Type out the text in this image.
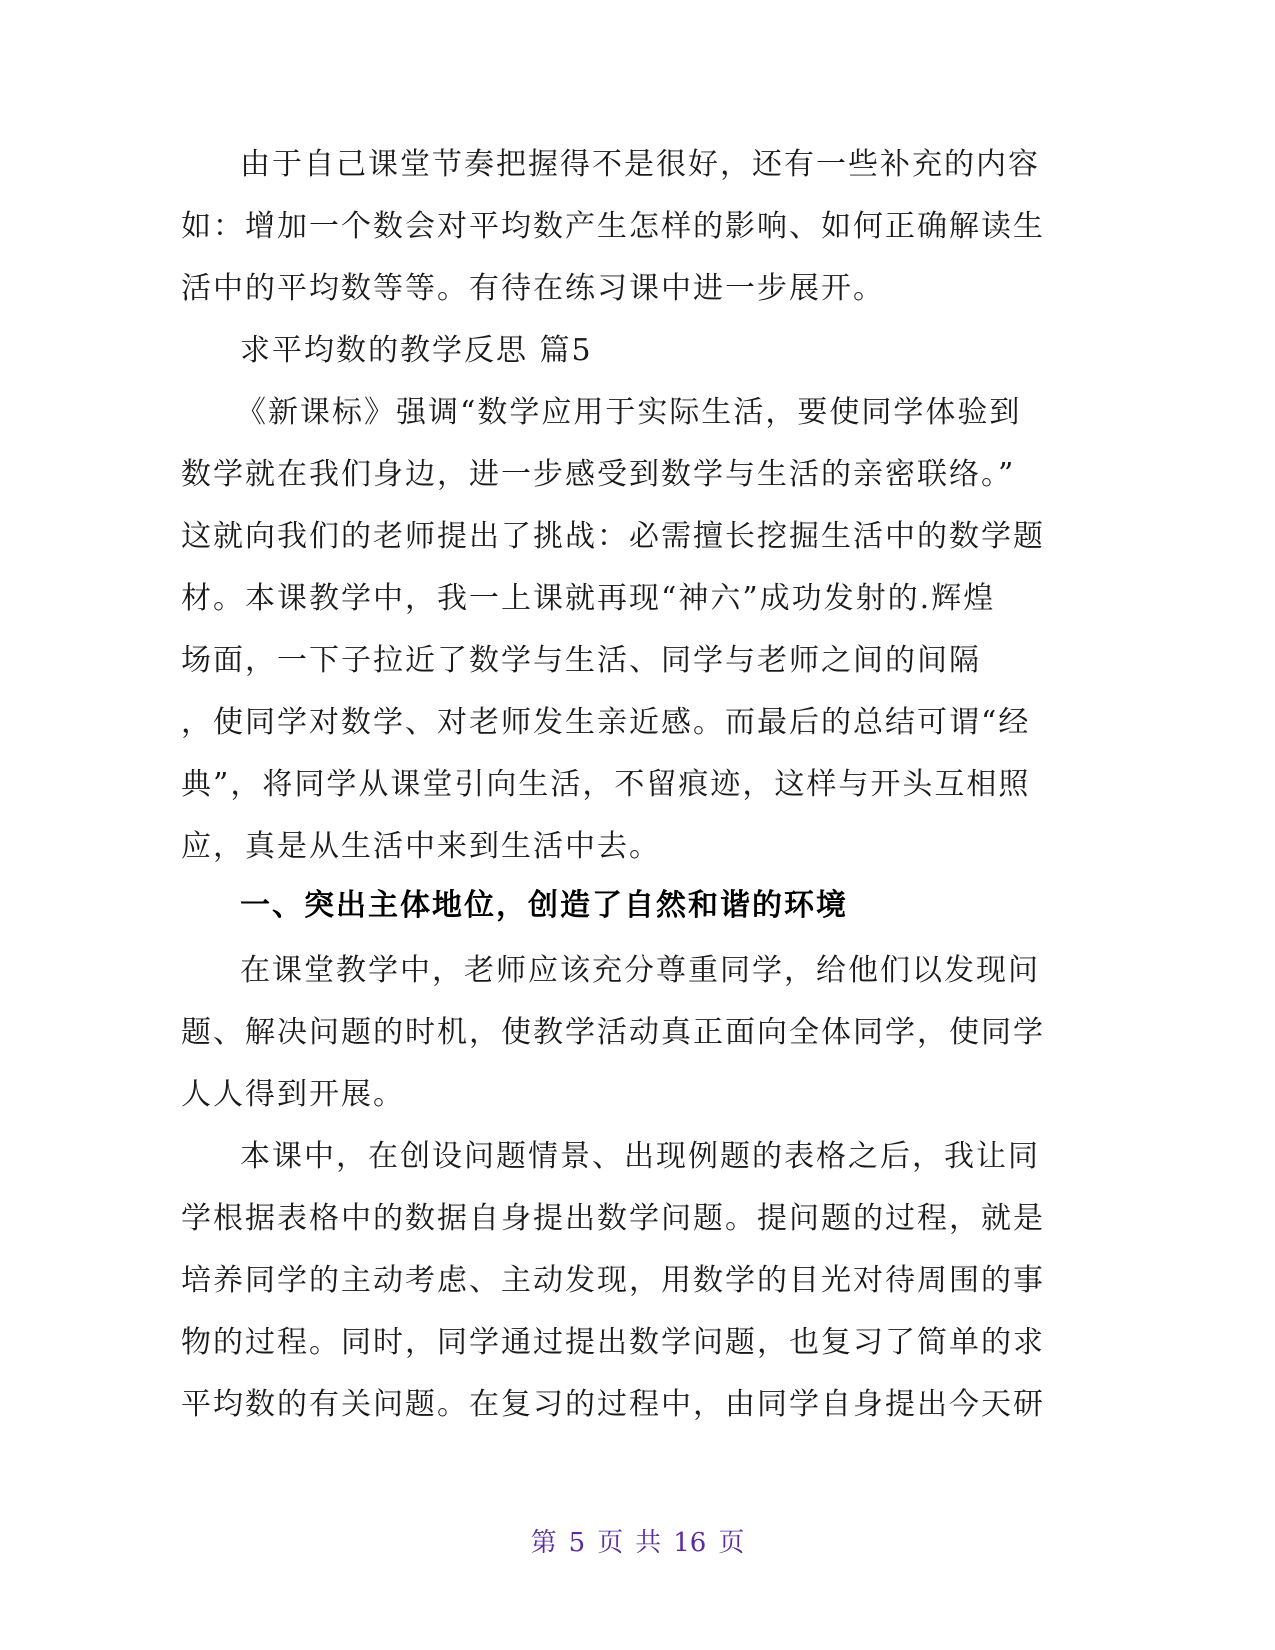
由于自己课堂节奏把握得不是很好，还有一些补充的内容
如：增加一个数会对平均数产生怎样的影响、如何正确解读生
活中的平均数等等。有待在练习课中进一步展开。
求平均数的教学反思 篇5
《新课标》强调“数学应用于实际生活，要使同学体验到
数学就在我们身边，进一步感受到数学与生活的亲密联络。”
这就向我们的老师提出了挑战：必需擅长挖掘生活中的数学题
材。本课教学中，我一上课就再现“神六”成功发射的.辉煌
场面，一下子拉近了数学与生活、同学与老师之间的间隔
，使同学对数学、对老师发生亲近感。而最后的总结可谓“经
典”，将同学从课堂引向生活，不留痕迹，这样与开头互相照
应，真是从生活中来到生活中去。
一、突出主体地位，创造了自然和谐的环境
在课堂教学中，老师应该充分尊重同学，给他们以发现问
题、解决问题的时机，使教学活动真正面向全体同学，使同学
人人得到开展。
本课中，在创设问题情景、出现例题的表格之后，我让同
学根据表格中的数据自身提出数学问题。提问题的过程，就是
培养同学的主动考虑、主动发现，用数学的目光对待周围的事
物的过程。同时，同学通过提出数学问题，也复习了简单的求
平均数的有关问题。在复习的过程中，由同学自身提出今天研
第 5 页 共 16 页
